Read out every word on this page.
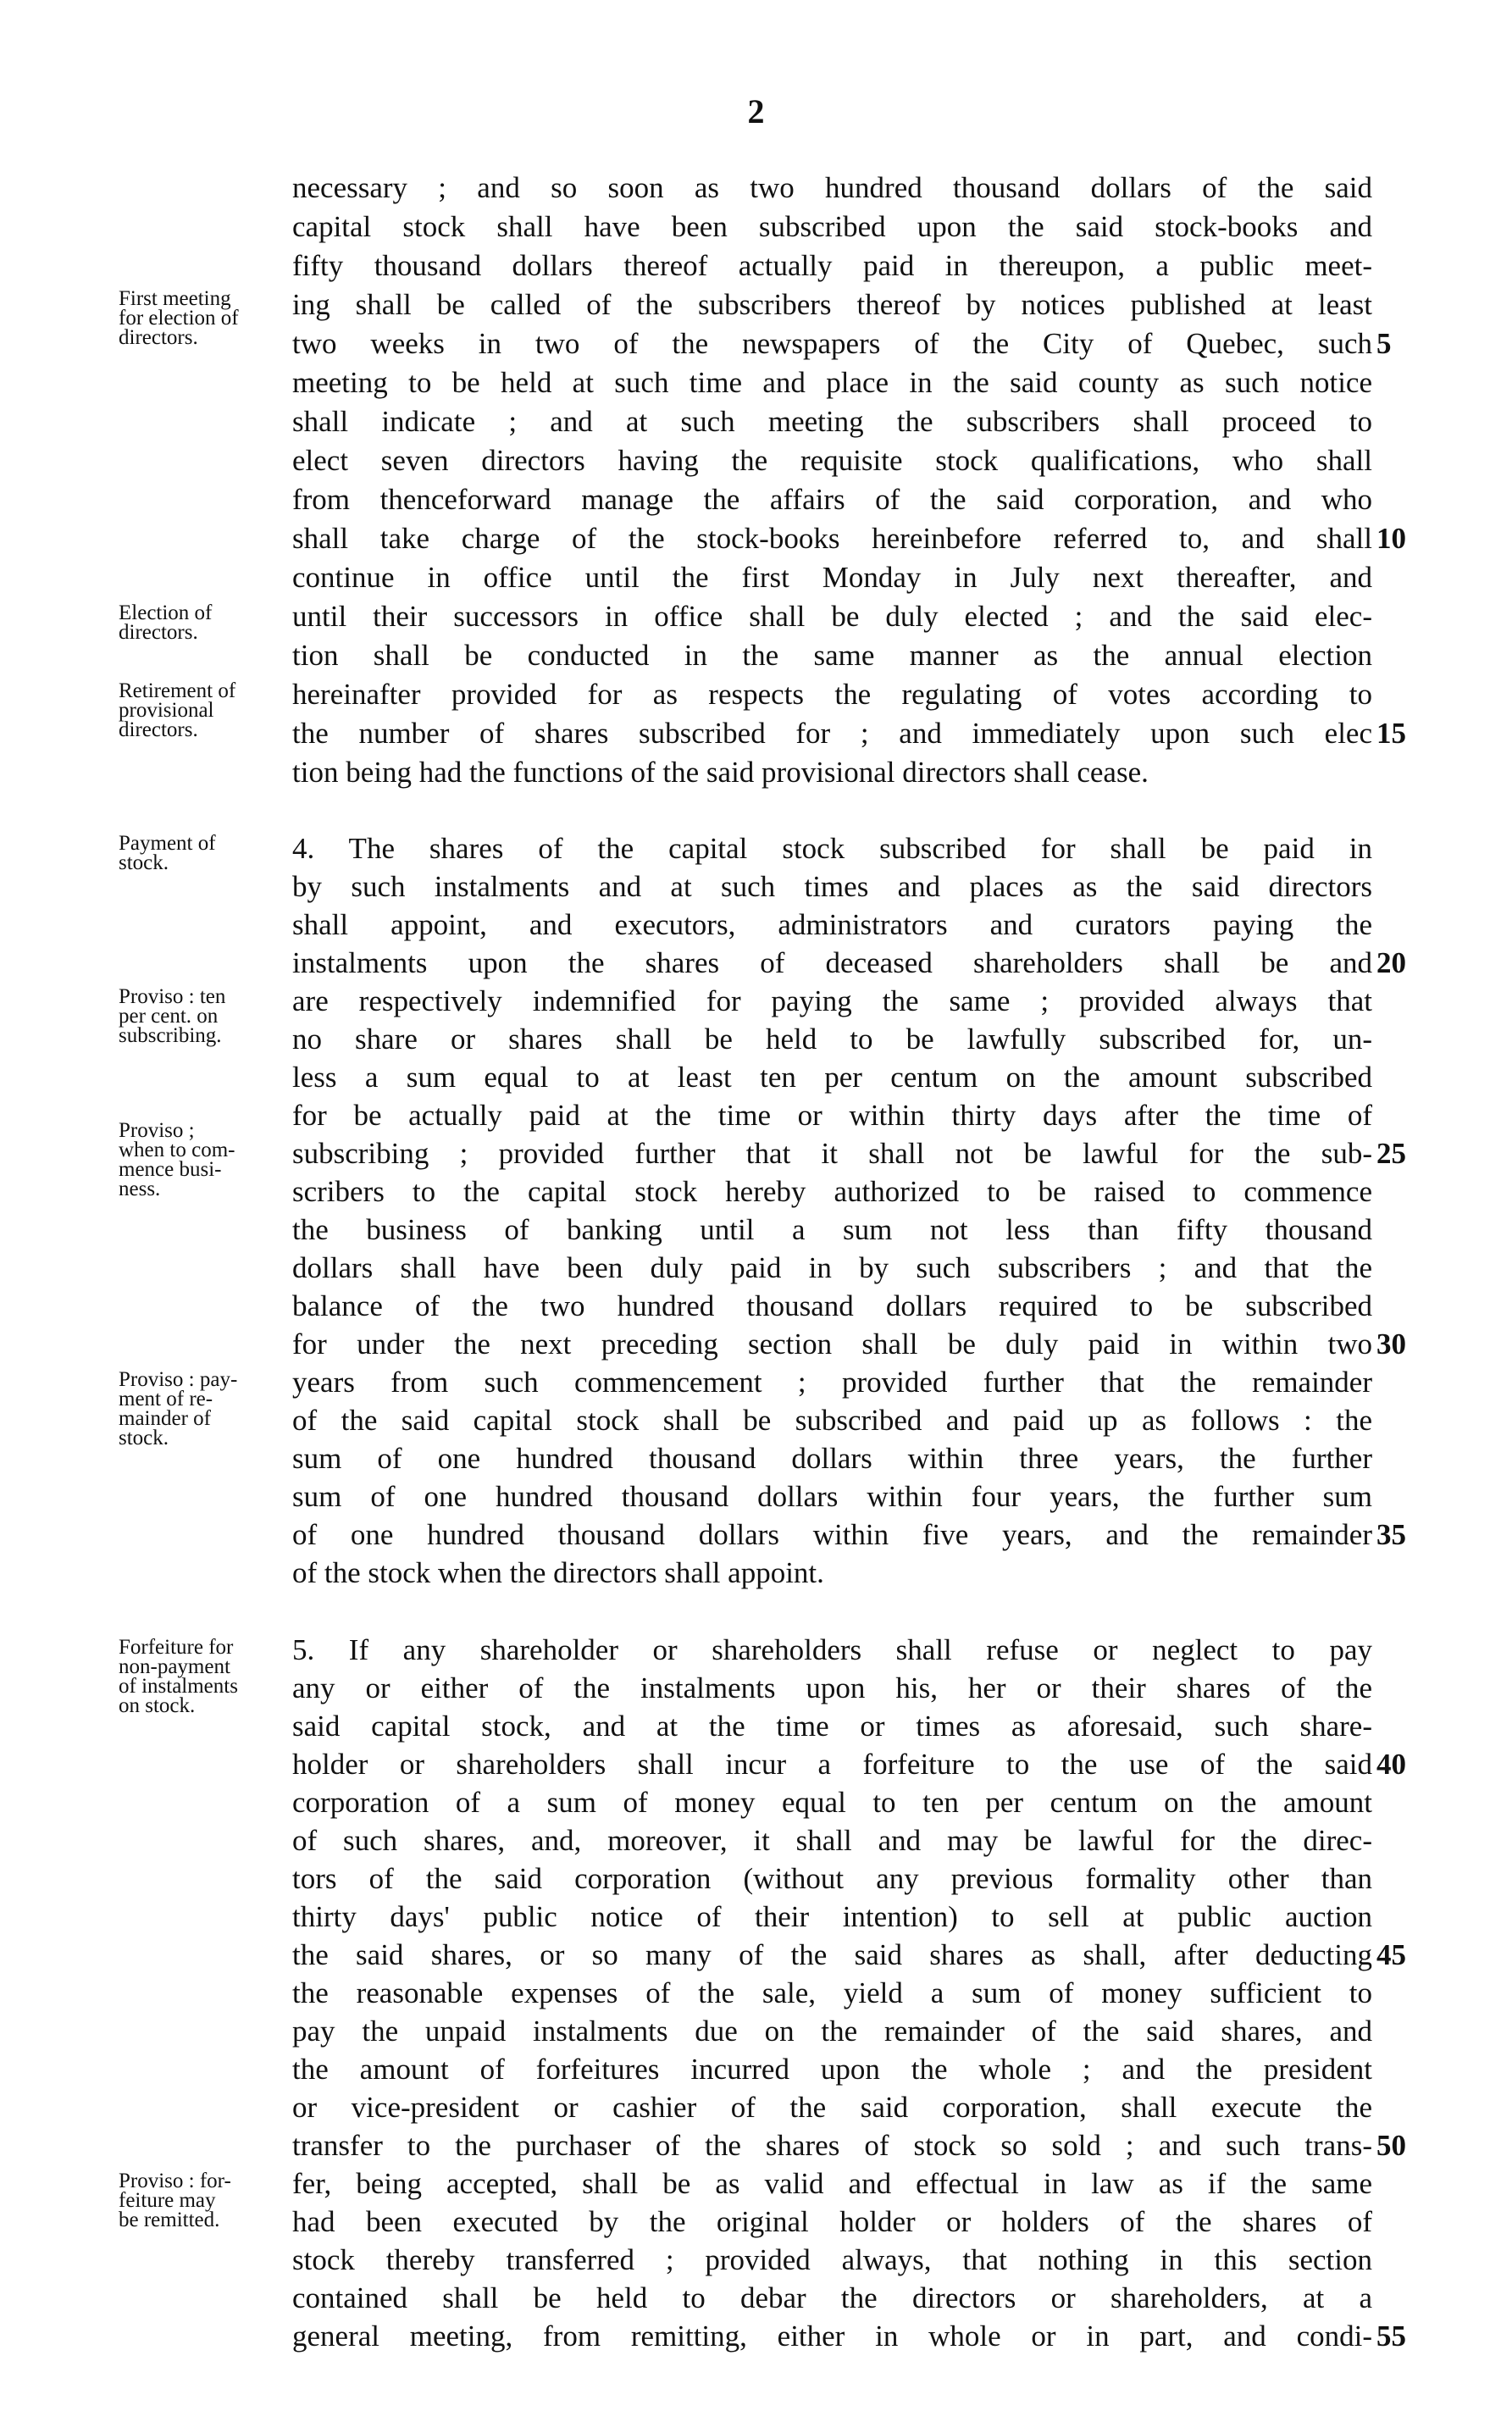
2
necessary ; and so soon as two hundred thousand dollars of the said
capital stock shall have been subscribed upon the said stock-books and
fifty thousand dollars thereof actually paid in thereupon, a public meet-
ing shall be called of the subscribers thereof by notices published at least
two weeks in two of the newspapers of the City of Quebec, such
meeting to be held at such time and place in the said county as such notice
shall indicate ; and at such meeting the subscribers shall proceed to
elect seven directors having the requisite stock qualifications, who shall
from thenceforward manage the affairs of the said corporation, and who
shall take charge of the stock-books hereinbefore referred to, and shall
continue in office until the first Monday in July next thereafter, and
until their successors in office shall be duly elected ; and the said elec-
tion shall be conducted in the same manner as the annual election
hereinafter provided for as respects the regulating of votes according to
the number of shares subscribed for ; and immediately upon such elec
tion being had the functions of the said provisional directors shall cease.
4. The shares of the capital stock subscribed for shall be paid in
by such instalments and at such times and places as the said directors
shall appoint, and executors, administrators and curators paying the
instalments upon the shares of deceased shareholders shall be and
are respectively indemnified for paying the same ; provided always that
no share or shares shall be held to be lawfully subscribed for, un-
less a sum equal to at least ten per centum on the amount subscribed
for be actually paid at the time or within thirty days after the time of
subscribing ; provided further that it shall not be lawful for the sub-
scribers to the capital stock hereby authorized to be raised to commence
the business of banking until a sum not less than fifty thousand
dollars shall have been duly paid in by such subscribers ; and that the
balance of the two hundred thousand dollars required to be subscribed
for under the next preceding section shall be duly paid in within two
years from such commencement ; provided further that the remainder
of the said capital stock shall be subscribed and paid up as follows : the
sum of one hundred thousand dollars within three years, the further
sum of one hundred thousand dollars within four years, the further sum
of one hundred thousand dollars within five years, and the remainder
of the stock when the directors shall appoint.
5. If any shareholder or shareholders shall refuse or neglect to pay
any or either of the instalments upon his, her or their shares of the
said capital stock, and at the time or times as aforesaid, such share-
holder or shareholders shall incur a forfeiture to the use of the said
corporation of a sum of money equal to ten per centum on the amount
of such shares, and, moreover, it shall and may be lawful for the direc-
tors of the said corporation (without any previous formality other than
thirty days' public notice of their intention) to sell at public auction
the said shares, or so many of the said shares as shall, after deducting
the reasonable expenses of the sale, yield a sum of money sufficient to
pay the unpaid instalments due on the remainder of the said shares, and
the amount of forfeitures incurred upon the whole ; and the president
or vice-president or cashier of the said corporation, shall execute the
transfer to the purchaser of the shares of stock so sold ; and such trans-
fer, being accepted, shall be as valid and effectual in law as if the same
had been executed by the original holder or holders of the shares of
stock thereby transferred ; provided always, that nothing in this section
contained shall be held to debar the directors or shareholders, at a
general meeting, from remitting, either in whole or in part, and condi-
5
10
15
20
25
30
35
40
45
50
55
First meeting
for election of
directors.
Election of
directors.
Retirement of
provisional
directors.
Payment of
stock.
Proviso : ten
per cent. on
subscribing.
Proviso ;
when to com-
mence busi-
ness.
Proviso : pay-
ment of re-
mainder of
stock.
Forfeiture for
non-payment
of instalments
on stock.
Proviso : for-
feiture may
be remitted.
